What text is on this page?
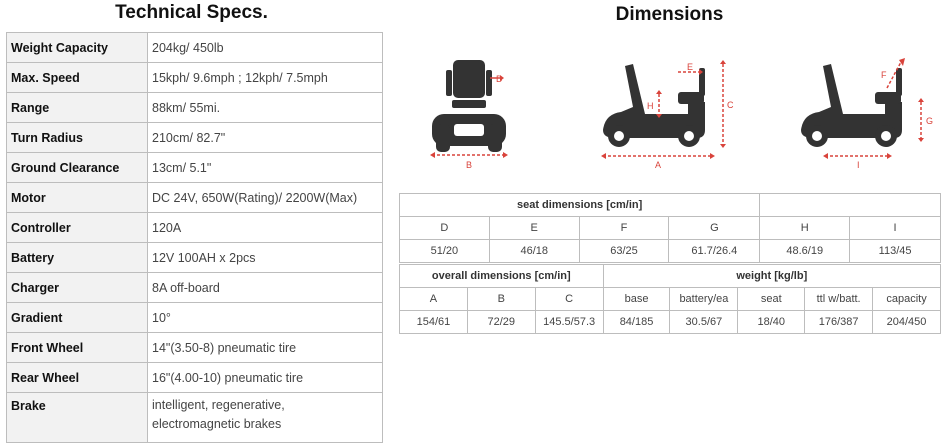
Technical Specs.	Dimensions
Weight Capacity	204kg/ 450lb
Max. Speed	15kph/ 9.6mph ; 12kph/ 7.5mph
Range	88km/ 55mi.
Turn Radius	210cm/ 82.7"
Ground Clearance	13cm/ 5.1"
Motor	DC 24V, 650W(Rating)/ 2200W(Max)
Controller	120A
Battery	12V 100AH x 2pcs
Charger	8A off-board
Gradient	10°
Front Wheel	14"(3.50-8) pneumatic tire
Rear Wheel	16"(4.00-10) pneumatic tire
Brake	intelligent, regenerative,
electromagnetic brakes
D
B
E
H	C
A
F
G
I
seat dimensions [cm/in]					
D	E	F	G	H	I
51/20	46/18	63/25	61.7/26.4	48.6/19	113/45
overall dimensions [cm/in]			weight [kg/lb]				
A	B	C	base	battery/ea	seat	ttl w/batt.	capacity
154/61	72/29	145.5/57.3	84/185	30.5/67	18/40	176/387	204/450
